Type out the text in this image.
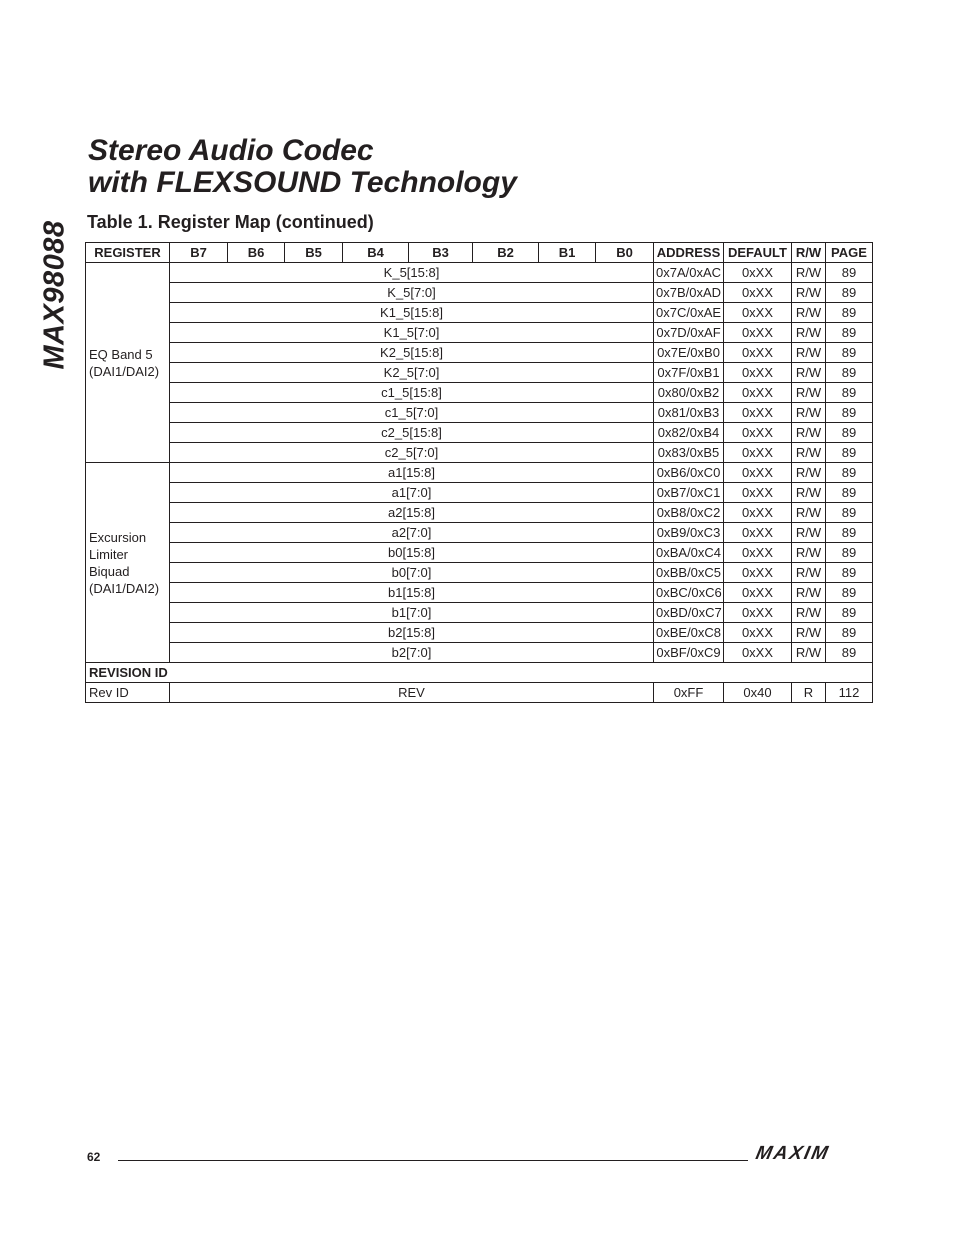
MAX98088
Stereo Audio Codec
with FLEXSOUND Technology
Table 1. Register Map (continued)
REGISTER	B7	B6	B5	B4	B3	B2	B1	B0	ADDRESS	DEFAULT	R/W	PAGE

EQ Band 5
(DAI1/DAI2)	K_5[15:8]								0x7A/0xAC	0xXX	R/W	89
	K_5[7:0]								0x7B/0xAD	0xXX	R/W	89
	K1_5[15:8]								0x7C/0xAE	0xXX	R/W	89
	K1_5[7:0]								0x7D/0xAF	0xXX	R/W	89
	K2_5[15:8]								0x7E/0xB0	0xXX	R/W	89
	K2_5[7:0]								0x7F/0xB1	0xXX	R/W	89
	c1_5[15:8]								0x80/0xB2	0xXX	R/W	89
	c1_5[7:0]								0x81/0xB3	0xXX	R/W	89
	c2_5[15:8]								0x82/0xB4	0xXX	R/W	89
	c2_5[7:0]								0x83/0xB5	0xXX	R/W	89

Excursion
Limiter
Biquad
(DAI1/DAI2)	a1[15:8]								0xB6/0xC0	0xXX	R/W	89
	a1[7:0]								0xB7/0xC1	0xXX	R/W	89
	a2[15:8]								0xB8/0xC2	0xXX	R/W	89
	a2[7:0]								0xB9/0xC3	0xXX	R/W	89
	b0[15:8]								0xBA/0xC4	0xXX	R/W	89
	b0[7:0]								0xBB/0xC5	0xXX	R/W	89
	b1[15:8]								0xBC/0xC6	0xXX	R/W	89
	b1[7:0]								0xBD/0xC7	0xXX	R/W	89
	b2[15:8]								0xBE/0xC8	0xXX	R/W	89
	b2[7:0]								0xBF/0xC9	0xXX	R/W	89
REVISION ID												
Rev ID	REV								0xFF	0x40	R	112
62	MAXIM
